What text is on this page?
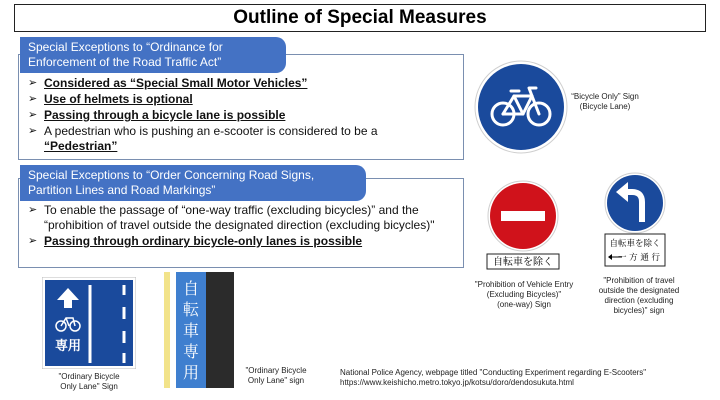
Outline of Special Measures
Special Exceptions to “Ordinance for
Enforcement of the Road Traffic Act”
➢ Considered as “Special Small Motor Vehicles”
➢ Use of helmets is optional
➢ Passing through a bicycle lane is possible
➢ A pedestrian who is pushing an e-scooter is considered to be a
“Pedestrian”
Special Exceptions to “Order Concerning Road Signs,
Partition Lines and Road Markings”
➢ To enable the passage of “one-way traffic (excluding bicycles)” and the “prohibition of travel outside the designated direction (excluding bicycles)"
➢ Passing through ordinary bicycle-only lanes is possible
“Bicycle Only” Sign
(Bicycle Lane)
自転車を除く
"Prohibition of Vehicle Entry
(Excluding Bicycles)"
(one-way) Sign
自転車を除く
一 方 通 行
"Prohibition of travel
outside the designated
direction (excluding
bicycles)" sign
専用
"Ordinary Bicycle
Only Lane" Sign
自
転
車
専
用	"Ordinary Bicycle
Only Lane" sign
National Police Agency, webpage titled "Conducting Experiment regarding E-Scooters"
https://www.keishicho.metro.tokyo.jp/kotsu/doro/dendosukuta.html
